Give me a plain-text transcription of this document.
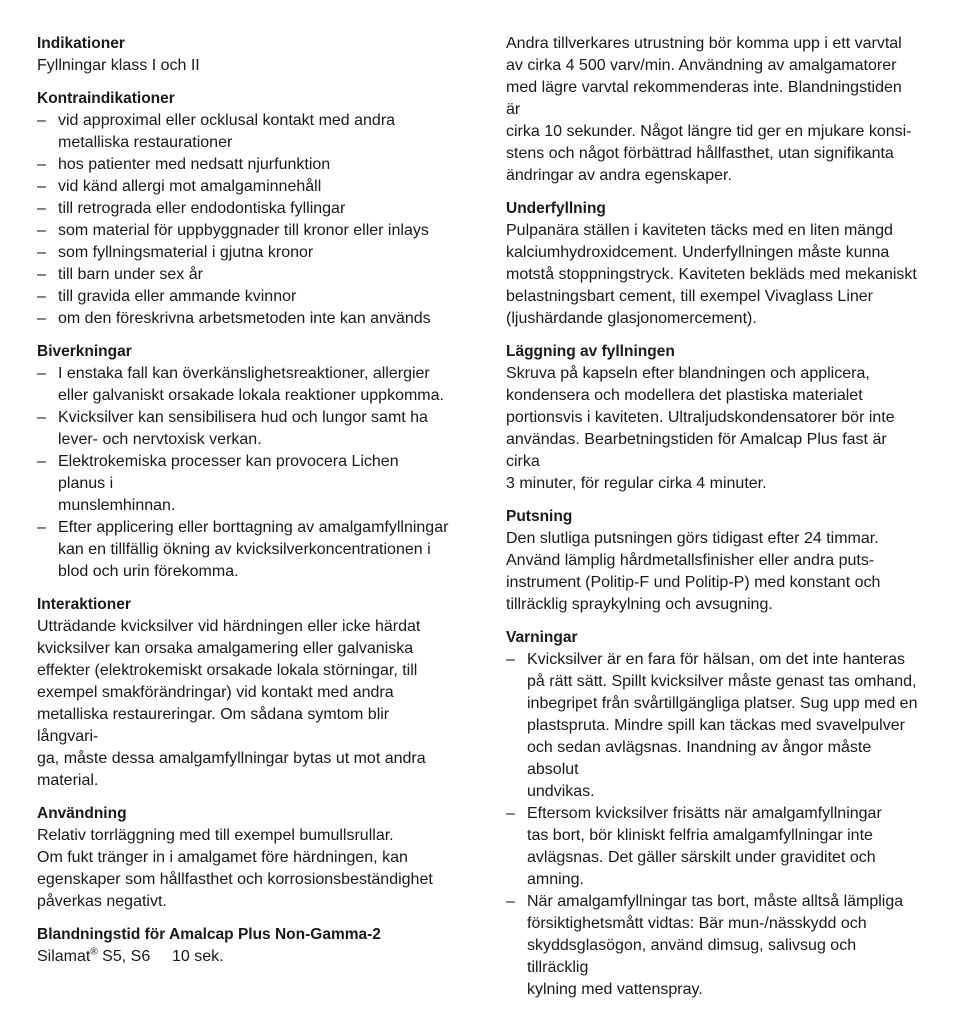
Indikationer
Fyllningar klass I och II
Kontraindikationer
– vid approximal eller ocklusal kontakt med andra
metalliska restaurationer
– hos patienter med nedsatt njurfunktion
– vid känd allergi mot amalgaminnehåll
– till retrograda eller endodontiska fyllingar
– som material för uppbyggnader till kronor eller inlays
– som fyllningsmaterial i gjutna kronor
– till barn under sex år
– till gravida eller ammande kvinnor
– om den föreskrivna arbetsmetoden inte kan används
Biverkningar
– I enstaka fall kan överkänslighetsreaktioner, allergier
eller galvaniskt orsakade lokala reaktioner uppkomma.
– Kvicksilver kan sensibilisera hud och lungor samt ha
lever- och nervtoxisk verkan.
– Elektrokemiska processer kan provocera Lichen planus i
munslemhinnan.
– Efter applicering eller borttagning av amalgamfyllningar
kan en tillfällig ökning av kvicksilverkoncentrationen i
blod och urin förekomma.
Interaktioner
Utträdande kvicksilver vid härdningen eller icke härdat
kvicksilver kan orsaka amalgamering eller galvaniska
effekter (elektrokemiskt orsakade lokala störningar, till
exempel smakförändringar) vid kontakt med andra
metalliska restaureringar. Om sådana symtom blir långvari-
ga, måste dessa amalgamfyllningar bytas ut mot andra
material.
Användning
Relativ torrläggning med till exempel bumullsrullar.
Om fukt tränger in i amalgamet före härdningen, kan
egenskaper som hållfasthet och korrosionsbeständighet
påverkas negativt.
Blandningstid för Amalcap Plus Non-Gamma-2
Silamat® S5, S6	10 sek.
Andra tillverkares utrustning bör komma upp i ett varvtal
av cirka 4 500 varv/min. Användning av amalgamatorer
med lägre varvtal rekommenderas inte. Blandningstiden är
cirka 10 sekunder. Något längre tid ger en mjukare konsi-
stens och något förbättrad hållfasthet, utan signifikanta
ändringar av andra egenskaper.
Underfyllning
Pulpanära ställen i kaviteten täcks med en liten mängd
kalciumhydroxidcement. Underfyllningen måste kunna
motstå stoppningstryck. Kaviteten bekläds med mekaniskt
belastningsbart cement, till exempel Vivaglass Liner
(ljushärdande glasjonomercement).
Läggning av fyllningen
Skruva på kapseln efter blandningen och applicera,
kondensera och modellera det plastiska materialet
portionsvis i kaviteten. Ultraljudskondensatorer bör inte
användas. Bearbetningstiden för Amalcap Plus fast är cirka
3 minuter, för regular cirka 4 minuter.
Putsning
Den slutliga putsningen görs tidigast efter 24 timmar.
Använd lämplig hårdmetallsfinisher eller andra puts-
instrument (Politip-F und Politip-P) med konstant och
tillräcklig spraykylning och avsugning.
Varningar
– Kvicksilver är en fara för hälsan, om det inte hanteras
på rätt sätt. Spillt kvicksilver måste genast tas omhand,
inbegripet från svårtillgängliga platser. Sug upp med en
plastspruta. Mindre spill kan täckas med svavelpulver
och sedan avlägsnas. Inandning av ångor måste absolut
undvikas.
– Eftersom kvicksilver frisätts när amalgamfyllningar
tas bort, bör kliniskt felfria amalgamfyllningar inte
avlägsnas. Det gäller särskilt under graviditet och
amning.
– När amalgamfyllningar tas bort, måste alltså lämpliga
försiktighetsmått vidtas: Bär mun-/nässkydd och
skyddsglasögon, använd dimsug, salivsug och tillräcklig
kylning med vattenspray.
